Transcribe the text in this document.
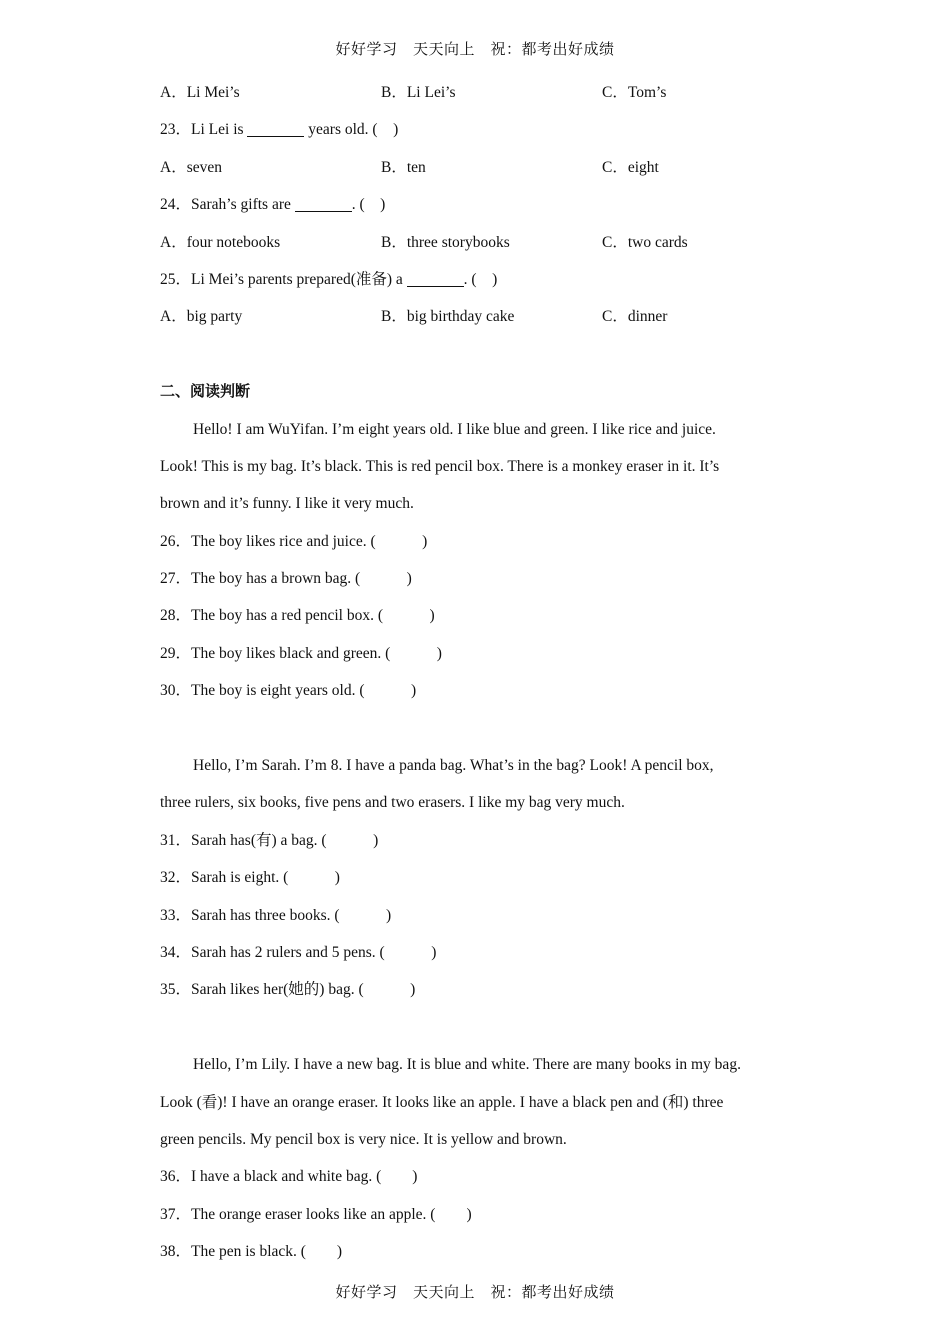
好好学习　天天向上　祝：都考出好成绩
A．Li Mei’s	B．Li Lei’s	C．Tom’s
23．Li Lei is	years old. (　)
A．seven	B．ten	C．eight
24．Sarah’s gifts are	. (　)
A．four notebooks	B．three storybooks	C．two cards
25．Li Mei’s parents prepared(准备) a	. (　)
A．big party	B．big birthday cake	C．dinner
二、阅读判断
Hello! I am WuYifan. I’m eight years old. I like blue and green. I like rice and juice.
Look! This is my bag. It’s black. This is red pencil box. There is a monkey eraser in it. It’s
brown and it’s funny. I like it very much.
26．The boy likes rice and juice. (　　　)
27．The boy has a brown bag. (　　　)
28．The boy has a red pencil box. (　　　)
29．The boy likes black and green. (　　　)
30．The boy is eight years old. (　　　)
Hello, I’m Sarah. I’m 8. I have a panda bag. What’s in the bag? Look! A pencil box,
three rulers, six books, five pens and two erasers. I like my bag very much.
31．Sarah has(有) a bag. (　　　)
32．Sarah is eight. (　　　)
33．Sarah has three books. (　　　)
34．Sarah has 2 rulers and 5 pens. (　　　)
35．Sarah likes her(她的) bag. (　　　)
Hello, I’m Lily. I have a new bag. It is blue and white. There are many books in my bag.
Look (看)! I have an orange eraser. It looks like an apple. I have a black pen and (和) three
green pencils. My pencil box is very nice. It is yellow and brown.
36．I have a black and white bag. (　　)
37．The orange eraser looks like an apple. (　　)
38．The pen is black. (　　)
好好学习　天天向上　祝：都考出好成绩
